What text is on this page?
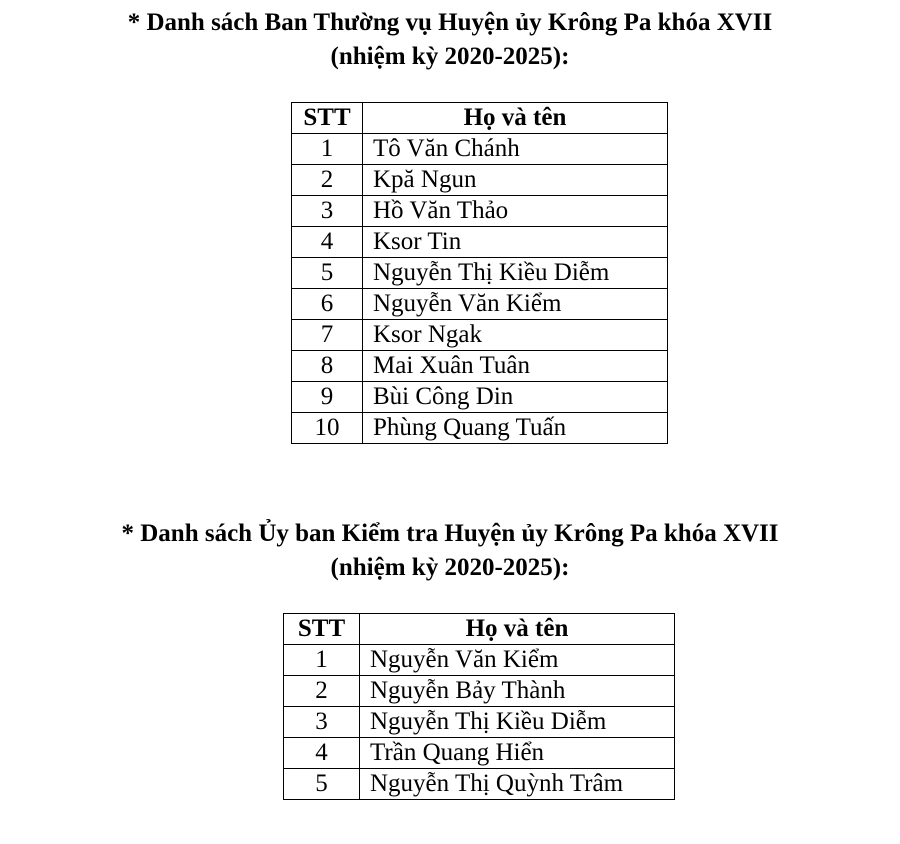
* Danh sách Ban Thường vụ Huyện ủy Krông Pa khóa XVII
(nhiệm kỳ 2020-2025):
STT	Họ và tên
1	Tô Văn Chánh
2	Kpă Ngun
3	Hồ Văn Thảo
4	Ksor Tin
5	Nguyễn Thị Kiều Diễm
6	Nguyễn Văn Kiểm
7	Ksor Ngak
8	Mai Xuân Tuân
9	Bùi Công Din
10	Phùng Quang Tuấn
* Danh sách Ủy ban Kiểm tra Huyện ủy Krông Pa khóa XVII
(nhiệm kỳ 2020-2025):
STT	Họ và tên
1	Nguyễn Văn Kiểm
2	Nguyễn Bảy Thành
3	Nguyễn Thị Kiều Diễm
4	Trần Quang Hiển
5	Nguyễn Thị Quỳnh Trâm
